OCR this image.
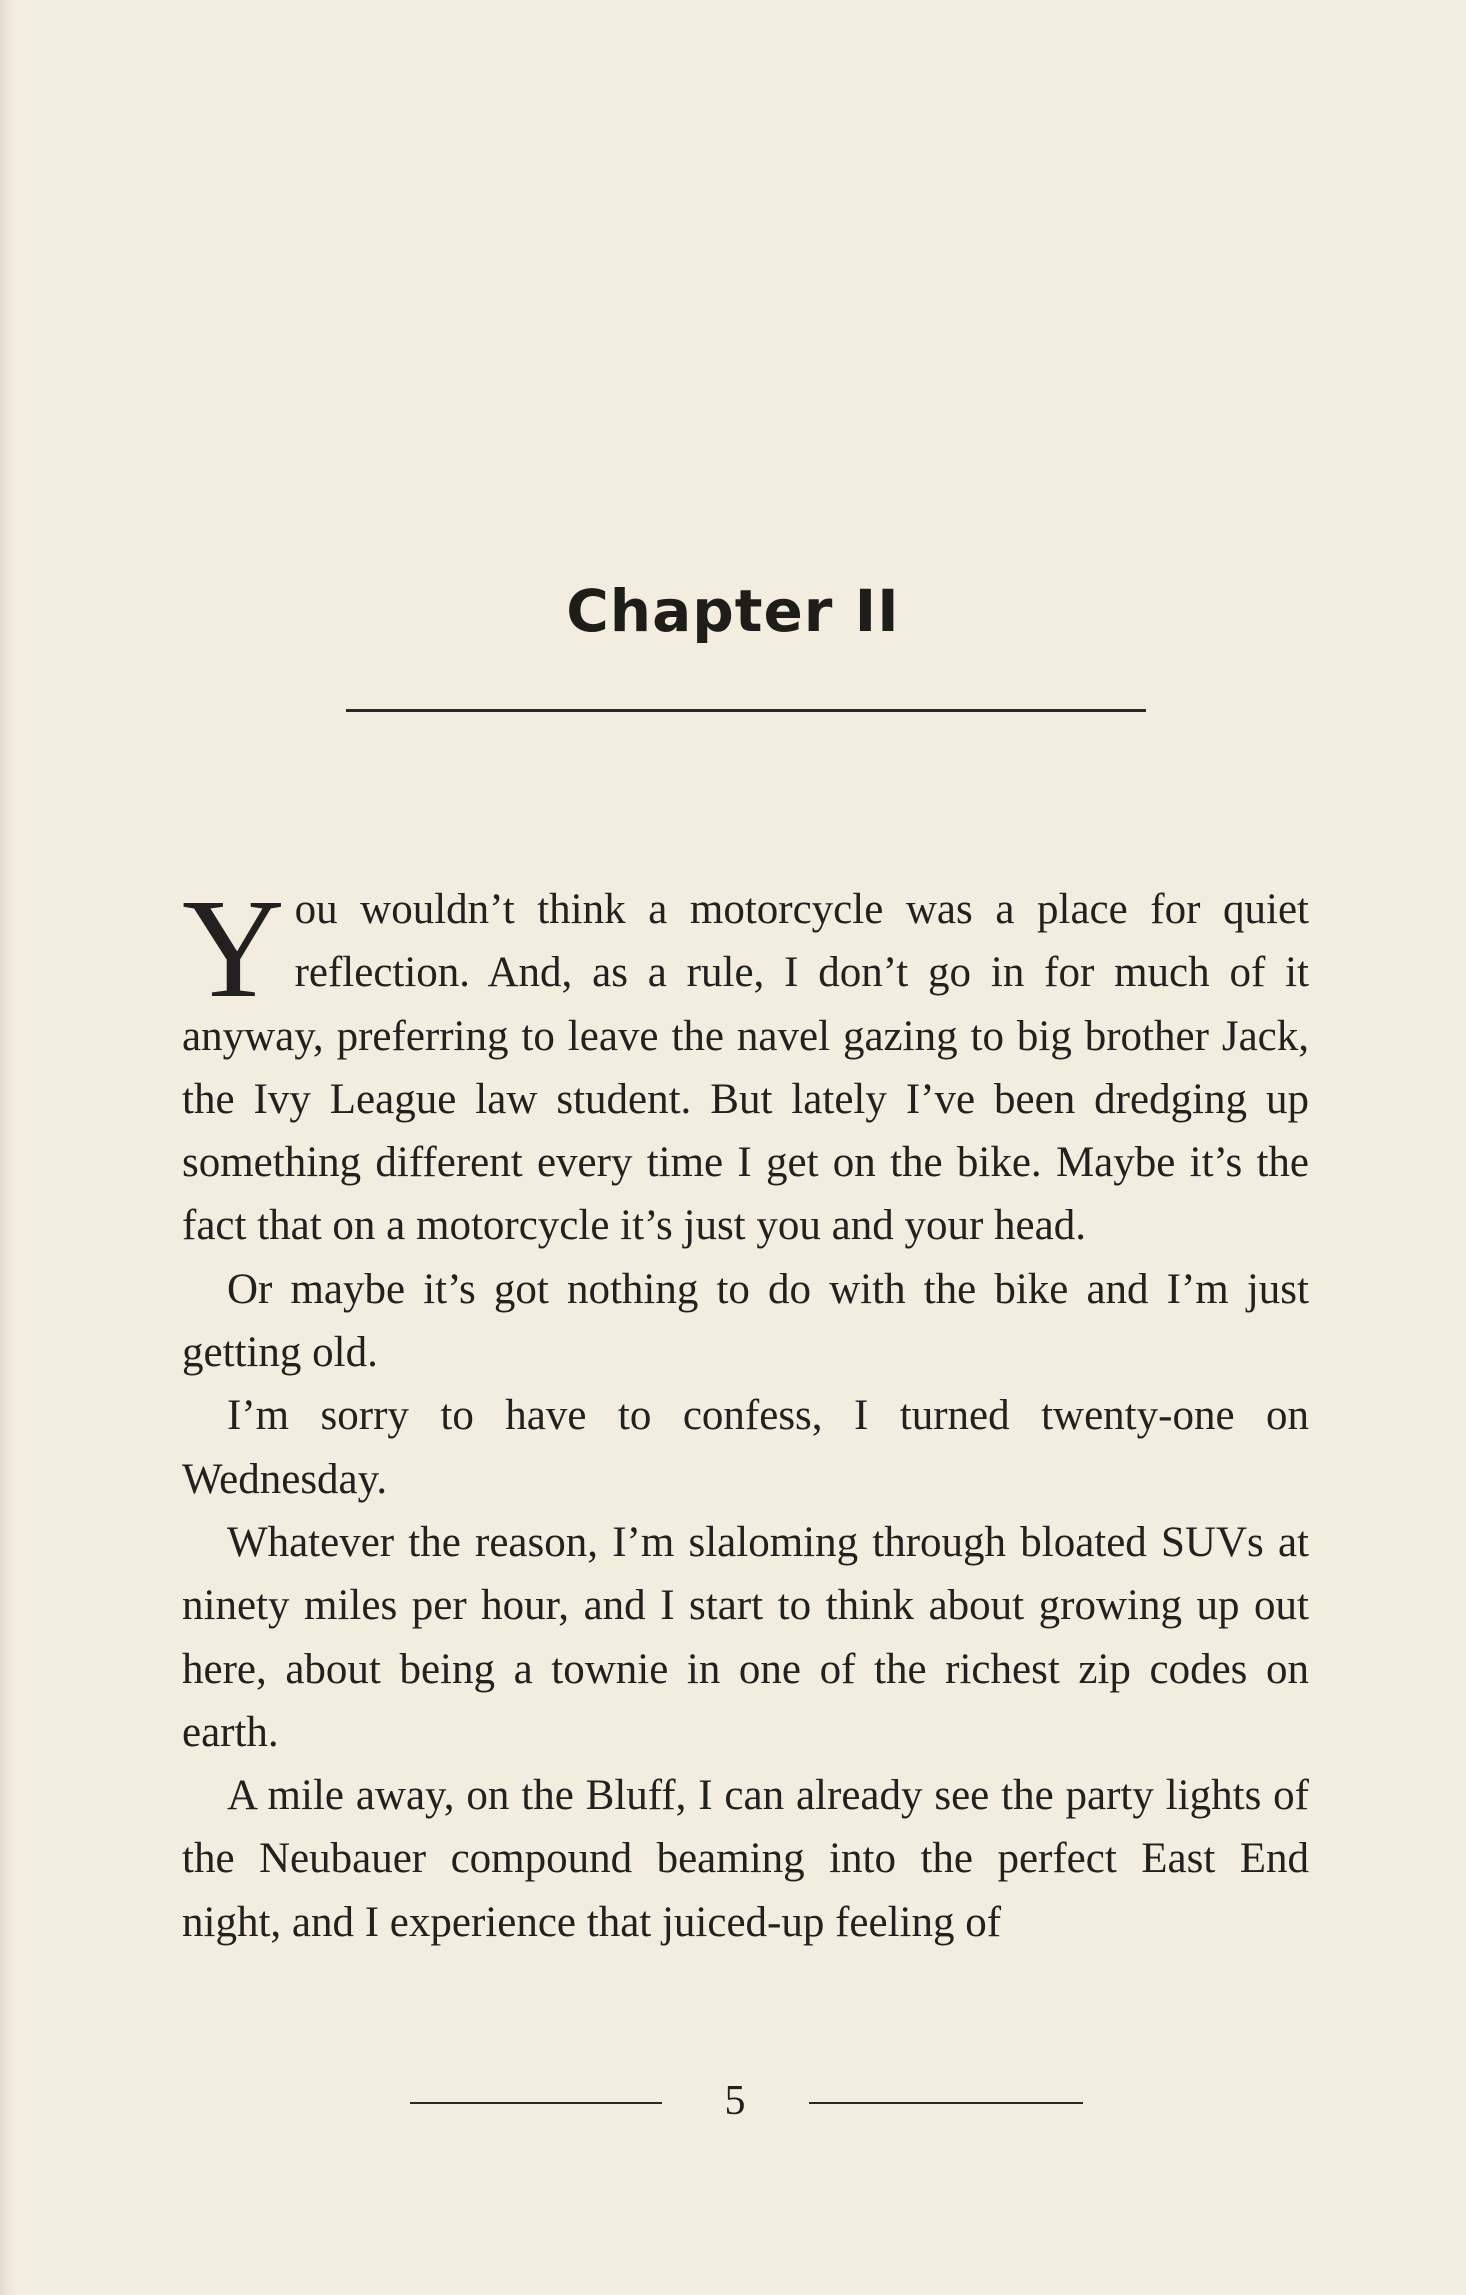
Chapter II

You wouldn’t think a motorcycle was a place for quiet reflection. And, as a rule, I don’t go in for much of it anyway, preferring to leave the navel gazing to big brother Jack, the Ivy League law student. But lately I’ve been dredging up something different every time I get on the bike. Maybe it’s the fact that on a motorcycle it’s just you and your head.

Or maybe it’s got nothing to do with the bike and I’m just getting old.

I’m sorry to have to confess, I turned twenty-one on Wednesday.

Whatever the reason, I’m slaloming through bloated SUVs at ninety miles per hour, and I start to think about growing up out here, about being a townie in one of the richest zip codes on earth.

A mile away, on the Bluff, I can already see the party lights of the Neubauer compound beaming into the perfect East End night, and I experience that juiced-up feeling of

5
